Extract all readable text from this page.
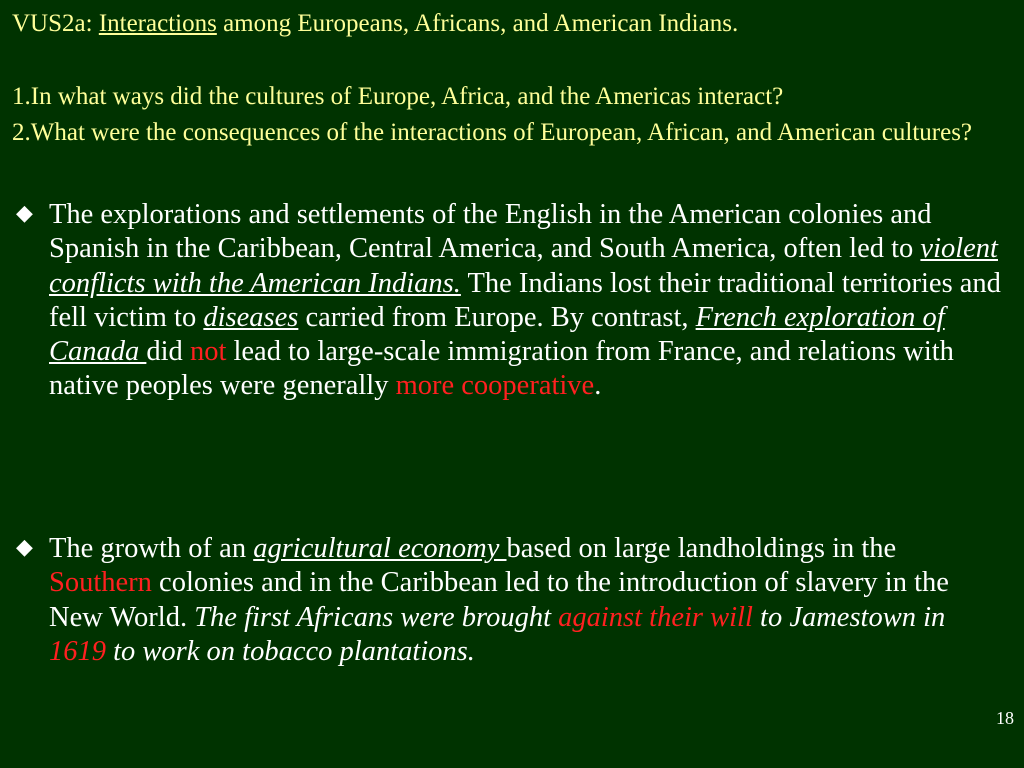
VUS2a: Interactions among Europeans, Africans, and American Indians.

1.In what ways did the cultures of Europe, Africa, and the Americas interact?

2.What were the consequences of the interactions of European, African, and American cultures?

◆ The explorations and settlements of the English in the American colonies and Spanish in the Caribbean, Central America, and South America, often led to violent conflicts with the American Indians. The Indians lost their traditional territories and fell victim to diseases carried from Europe. By contrast, French exploration of Canada did not lead to large-scale immigration from France, and relations with native peoples were generally more cooperative.
◆ The growth of an agricultural economy based on large landholdings in the Southern colonies and in the Caribbean led to the introduction of slavery in the New World. The first Africans were brought against their will to Jamestown in 1619 to work on tobacco plantations.
18
